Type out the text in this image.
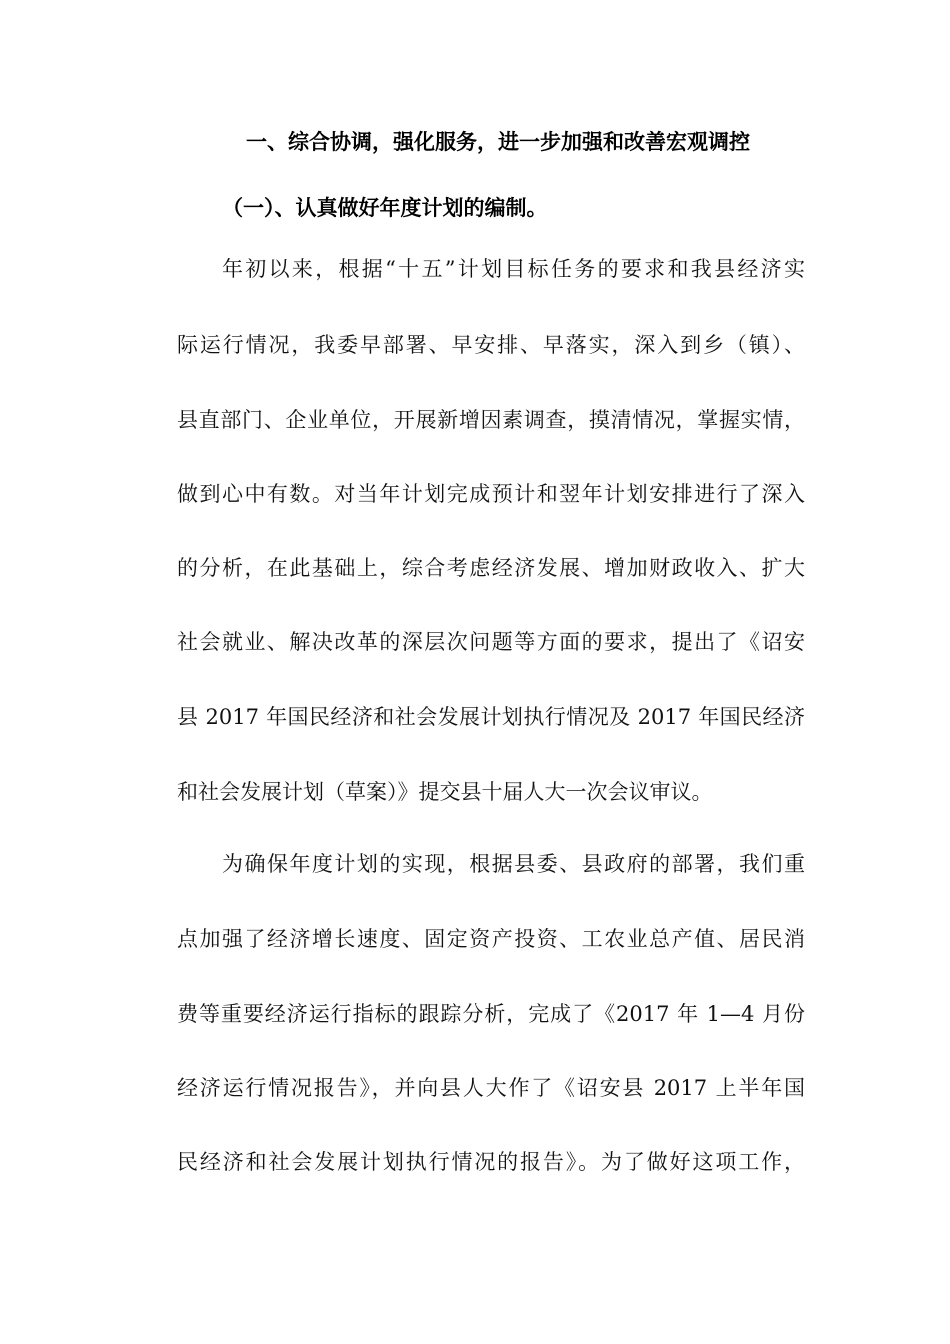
一、综合协调，强化服务，进一步加强和改善宏观调控
（一）、认真做好年度计划的编制。
年初以来，根据“十五”计划目标任务的要求和我县经济实
际运行情况，我委早部署、早安排、早落实，深入到乡（镇）、
县直部门、企业单位，开展新增因素调查，摸清情况，掌握实情，
做到心中有数。对当年计划完成预计和翌年计划安排进行了深入
的分析，在此基础上，综合考虑经济发展、增加财政收入、扩大
社会就业、解决改革的深层次问题等方面的要求，提出了《诏安
县 2017 年国民经济和社会发展计划执行情况及 2017 年国民经济
和社会发展计划（草案）》提交县十届人大一次会议审议。
为确保年度计划的实现，根据县委、县政府的部署，我们重
点加强了经济增长速度、固定资产投资、工农业总产值、居民消
费等重要经济运行指标的跟踪分析，完成了《2017 年 1—4 月份
经济运行情况报告》，并向县人大作了《诏安县 2017 上半年国
民经济和社会发展计划执行情况的报告》。为了做好这项工作，
